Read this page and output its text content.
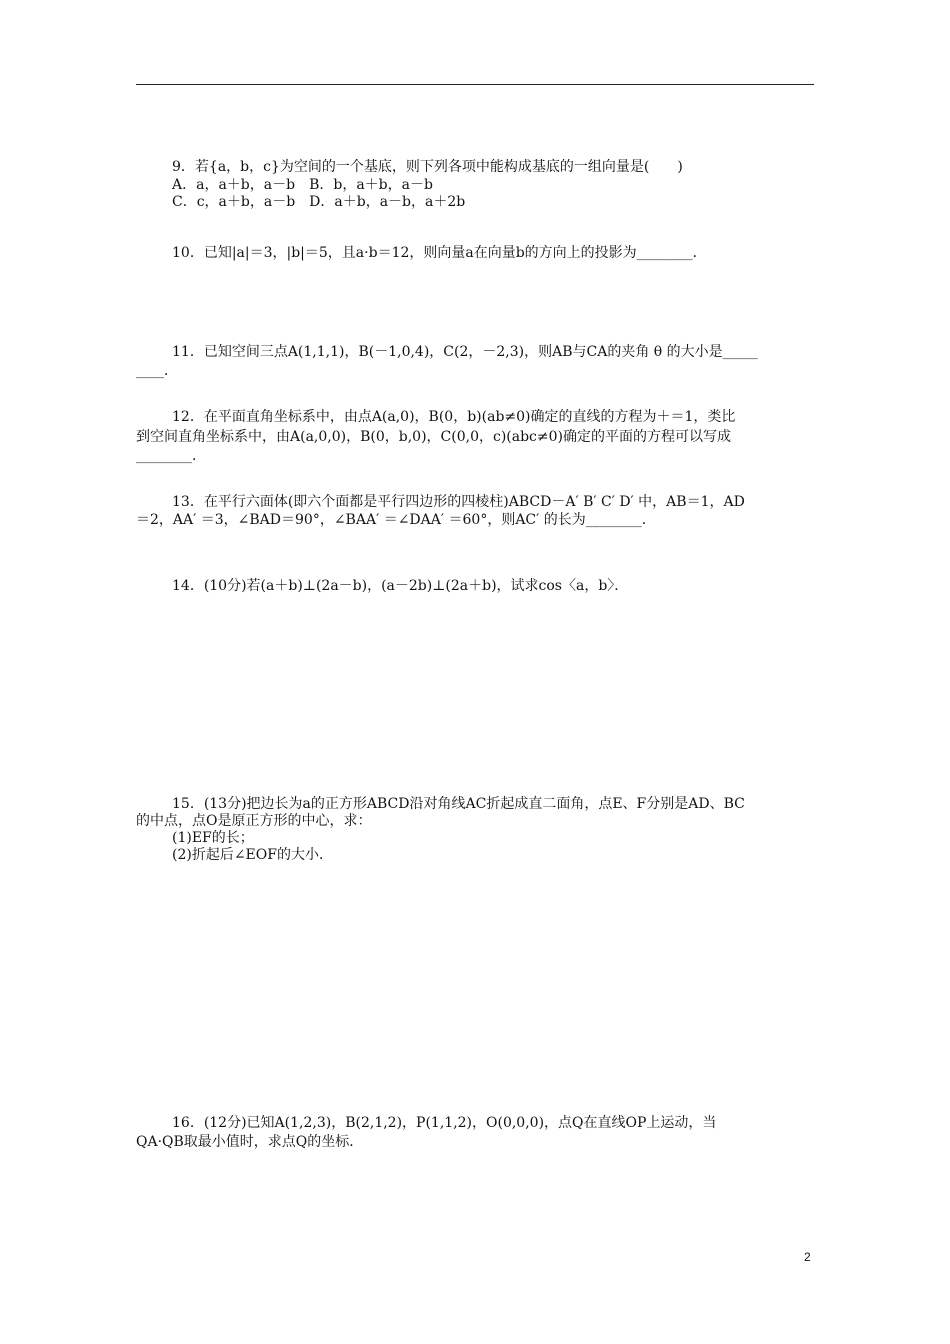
9．若{a，b，c}为空间的一个基底，则下列各项中能构成基底的一组向量是(　　)
A．a，a＋b，a－b　B．b，a＋b，a－b
C．c，a＋b，a－b　D．a＋b，a－b，a＋2b
10．已知|a|＝3，|b|＝5，且a·b＝12，则向量a在向量b的方向上的投影为________．
11．已知空间三点A(1,1,1)，B(－1,0,4)，C(2，－2,3)，则AB与CA的夹角 θ 的大小是_____
____．
12．在平面直角坐标系中，由点A(a,0)，B(0，b)(ab≠0)确定的直线的方程为＋＝1，类比
到空间直角坐标系中，由A(a,0,0)，B(0，b,0)，C(0,0，c)(abc≠0)确定的平面的方程可以写成
________．
13．在平行六面体(即六个面都是平行四边形的四棱柱)ABCD－A′ B′ C′ D′ 中，AB＝1，AD
＝2，AA′ ＝3，∠BAD＝90°，∠BAA′ ＝∠DAA′ ＝60°，则AC′ 的长为________．
14．(10分)若(a＋b)⊥(2a－b)，(a－2b)⊥(2a＋b)，试求cos〈a，b〉．
15．(13分)把边长为a的正方形ABCD沿对角线AC折起成直二面角，点E、F分别是AD、BC
的中点，点O是原正方形的中心，求：
(1)EF的长；
(2)折起后∠EOF的大小．
16．(12分)已知A(1,2,3)，B(2,1,2)，P(1,1,2)，O(0,0,0)，点Q在直线OP上运动，当
QA·QB取最小值时，求点Q的坐标．
2
